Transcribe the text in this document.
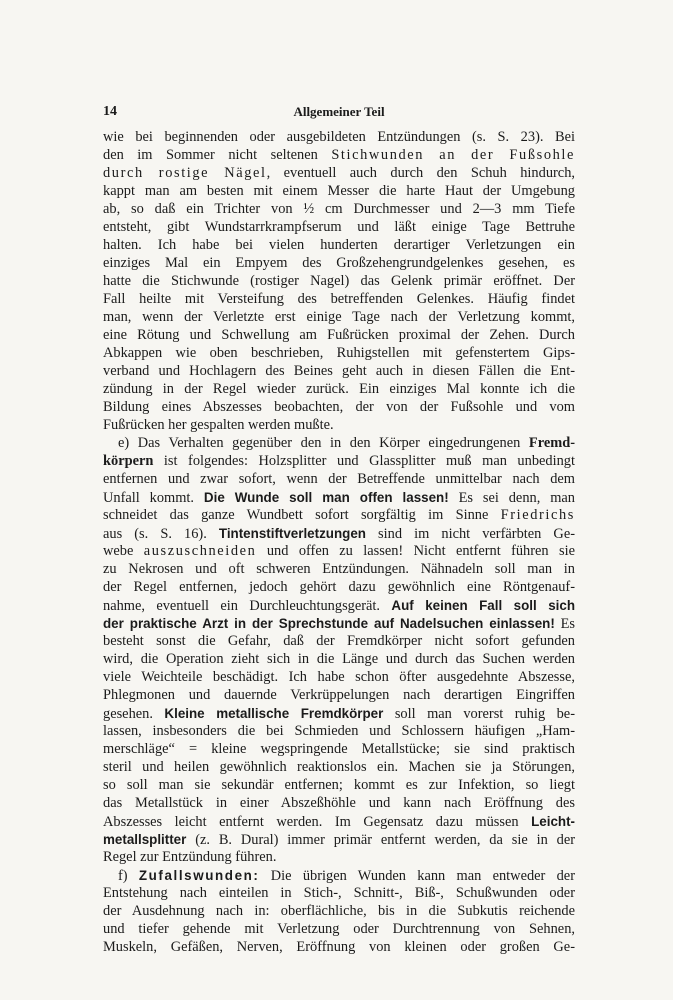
14	Allgemeiner Teil
wie bei beginnenden oder ausgebildeten Entzündungen (s. S. 23). Bei
den im Sommer nicht seltenen Stichwunden an der Fußsohle
durch rostige Nägel, eventuell auch durch den Schuh hindurch,
kappt man am besten mit einem Messer die harte Haut der Umgebung
ab, so daß ein Trichter von ½ cm Durchmesser und 2—3 mm Tiefe
entsteht, gibt Wundstarrkrampfserum und läßt einige Tage Bettruhe
halten. Ich habe bei vielen hunderten derartiger Verletzungen ein
einziges Mal ein Empyem des Großzehengrundgelenkes gesehen, es
hatte die Stichwunde (rostiger Nagel) das Gelenk primär eröffnet. Der
Fall heilte mit Versteifung des betreffenden Gelenkes. Häufig findet
man, wenn der Verletzte erst einige Tage nach der Verletzung kommt,
eine Rötung und Schwellung am Fußrücken proximal der Zehen. Durch
Abkappen wie oben beschrieben, Ruhigstellen mit gefenstertem Gips-
verband und Hochlagern des Beines geht auch in diesen Fällen die Ent-
zündung in der Regel wieder zurück. Ein einziges Mal konnte ich die
Bildung eines Abszesses beobachten, der von der Fußsohle und vom
Fußrücken her gespalten werden mußte.
e) Das Verhalten gegenüber den in den Körper eingedrungenen Fremd-
körpern ist folgendes: Holzsplitter und Glassplitter muß man unbedingt
entfernen und zwar sofort, wenn der Betreffende unmittelbar nach dem
Unfall kommt. Die Wunde soll man offen lassen! Es sei denn, man
schneidet das ganze Wundbett sofort sorgfältig im Sinne Friedrichs
aus (s. S. 16). Tintenstiftverletzungen sind im nicht verfärbten Ge-
webe auszuschneiden und offen zu lassen! Nicht entfernt führen sie
zu Nekrosen und oft schweren Entzündungen. Nähnadeln soll man in
der Regel entfernen, jedoch gehört dazu gewöhnlich eine Röntgenauf-
nahme, eventuell ein Durchleuchtungsgerät. Auf keinen Fall soll sich
der praktische Arzt in der Sprechstunde auf Nadelsuchen einlassen! Es
besteht sonst die Gefahr, daß der Fremdkörper nicht sofort gefunden
wird, die Operation zieht sich in die Länge und durch das Suchen werden
viele Weichteile beschädigt. Ich habe schon öfter ausgedehnte Abszesse,
Phlegmonen und dauernde Verkrüppelungen nach derartigen Eingriffen
gesehen. Kleine metallische Fremdkörper soll man vorerst ruhig be-
lassen, insbesonders die bei Schmieden und Schlossern häufigen „Ham-
merschläge“ = kleine wegspringende Metallstücke; sie sind praktisch
steril und heilen gewöhnlich reaktionslos ein. Machen sie ja Störungen,
so soll man sie sekundär entfernen; kommt es zur Infektion, so liegt
das Metallstück in einer Abszeßhöhle und kann nach Eröffnung des
Abszesses leicht entfernt werden. Im Gegensatz dazu müssen Leicht-
metallsplitter (z. B. Dural) immer primär entfernt werden, da sie in der
Regel zur Entzündung führen.
f) Zufallswunden: Die übrigen Wunden kann man entweder der
Entstehung nach einteilen in Stich-, Schnitt-, Biß-, Schußwunden oder
der Ausdehnung nach in: oberflächliche, bis in die Subkutis reichende
und tiefer gehende mit Verletzung oder Durchtrennung von Sehnen,
Muskeln, Gefäßen, Nerven, Eröffnung von kleinen oder großen Ge-
